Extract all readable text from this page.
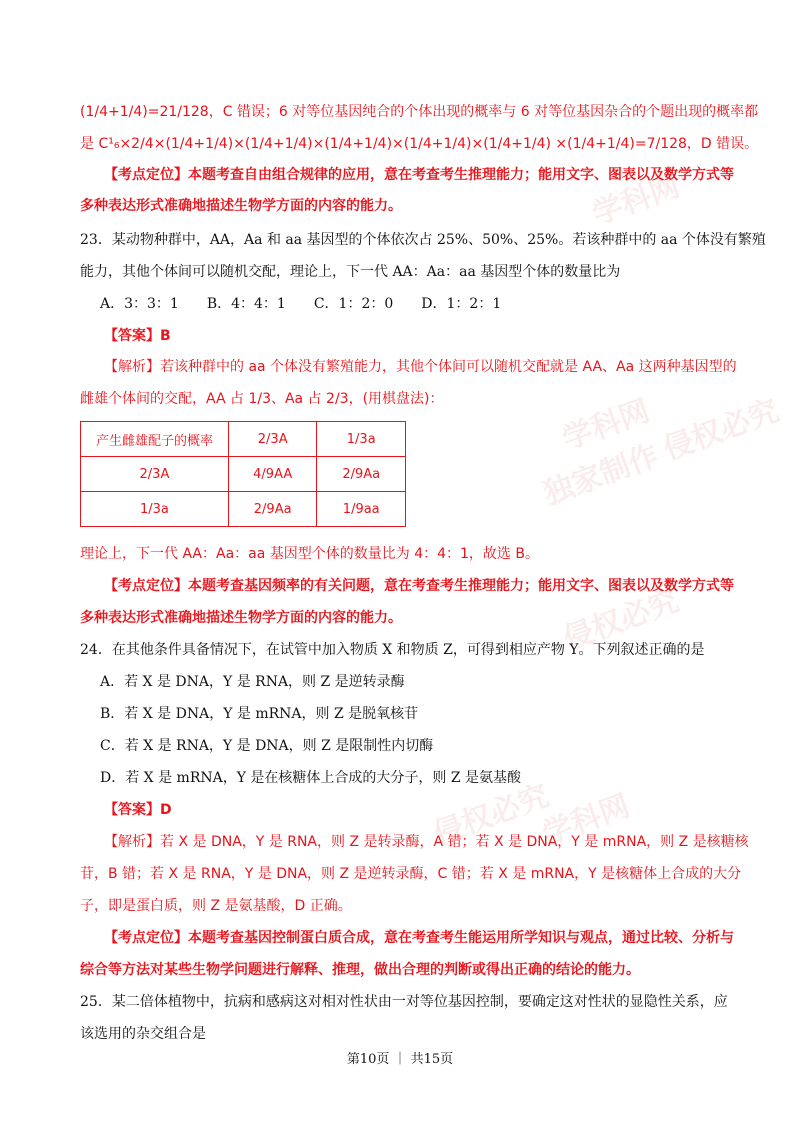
学科网
学科网
独家制作
侵权必究
学科网
侵权必究
侵权必究
(1/4+1/4)=21/128，C 错误；6 对等位基因纯合的个体出现的概率与 6 对等位基因杂合的个题出现的概率都
是 C¹₆×2/4×(1/4+1/4)×(1/4+1/4)×(1/4+1/4)×(1/4+1/4)×(1/4+1/4) ×(1/4+1/4)=7/128，D 错误。
【考点定位】本题考查自由组合规律的应用，意在考查考生推理能力；能用文字、图表以及数学方式等
多种表达形式准确地描述生物学方面的内容的能力。
23．某动物种群中，AA，Aa 和 aa 基因型的个体依次占 25%、50%、25%。若该种群中的 aa 个体没有繁殖
能力，其他个体间可以随机交配，理论上，下一代 AA：Aa：aa 基因型个体的数量比为
A．3：3：1　　B．4：4：1　　C．1：2：0　　D．1：2：1
【答案】B
【解析】若该种群中的 aa 个体没有繁殖能力，其他个体间可以随机交配就是 AA、Aa 这两种基因型的
雌雄个体间的交配，AA 占 1/3、Aa 占 2/3，(用棋盘法)：
产生雌雄配子的概率	2/3A	1/3a
2/3A	4/9AA	2/9Aa
1/3a	2/9Aa	1/9aa
理论上，下一代 AA：Aa：aa 基因型个体的数量比为 4：4：1，故选 B。
【考点定位】本题考查基因频率的有关问题，意在考查考生推理能力；能用文字、图表以及数学方式等
多种表达形式准确地描述生物学方面的内容的能力。
24．在其他条件具备情况下，在试管中加入物质 X 和物质 Z，可得到相应产物 Y。下列叙述正确的是
A．若 X 是 DNA，Y 是 RNA，则 Z 是逆转录酶
B．若 X 是 DNA，Y 是 mRNA，则 Z 是脱氧核苷
C．若 X 是 RNA，Y 是 DNA，则 Z 是限制性内切酶
D．若 X 是 mRNA，Y 是在核糖体上合成的大分子，则 Z 是氨基酸
【答案】D
【解析】若 X 是 DNA，Y 是 RNA，则 Z 是转录酶，A 错；若 X 是 DNA，Y 是 mRNA，则 Z 是核糖核
苷，B 错；若 X 是 RNA，Y 是 DNA，则 Z 是逆转录酶，C 错；若 X 是 mRNA，Y 是核糖体上合成的大分
子，即是蛋白质，则 Z 是氨基酸，D 正确。
【考点定位】本题考查基因控制蛋白质合成，意在考查考生能运用所学知识与观点，通过比较、分析与
综合等方法对某些生物学问题进行解释、推理，做出合理的判断或得出正确的结论的能力。
25．某二倍体植物中，抗病和感病这对相对性状由一对等位基因控制，要确定这对性状的显隐性关系，应
该选用的杂交组合是
第10页 ｜ 共15页
